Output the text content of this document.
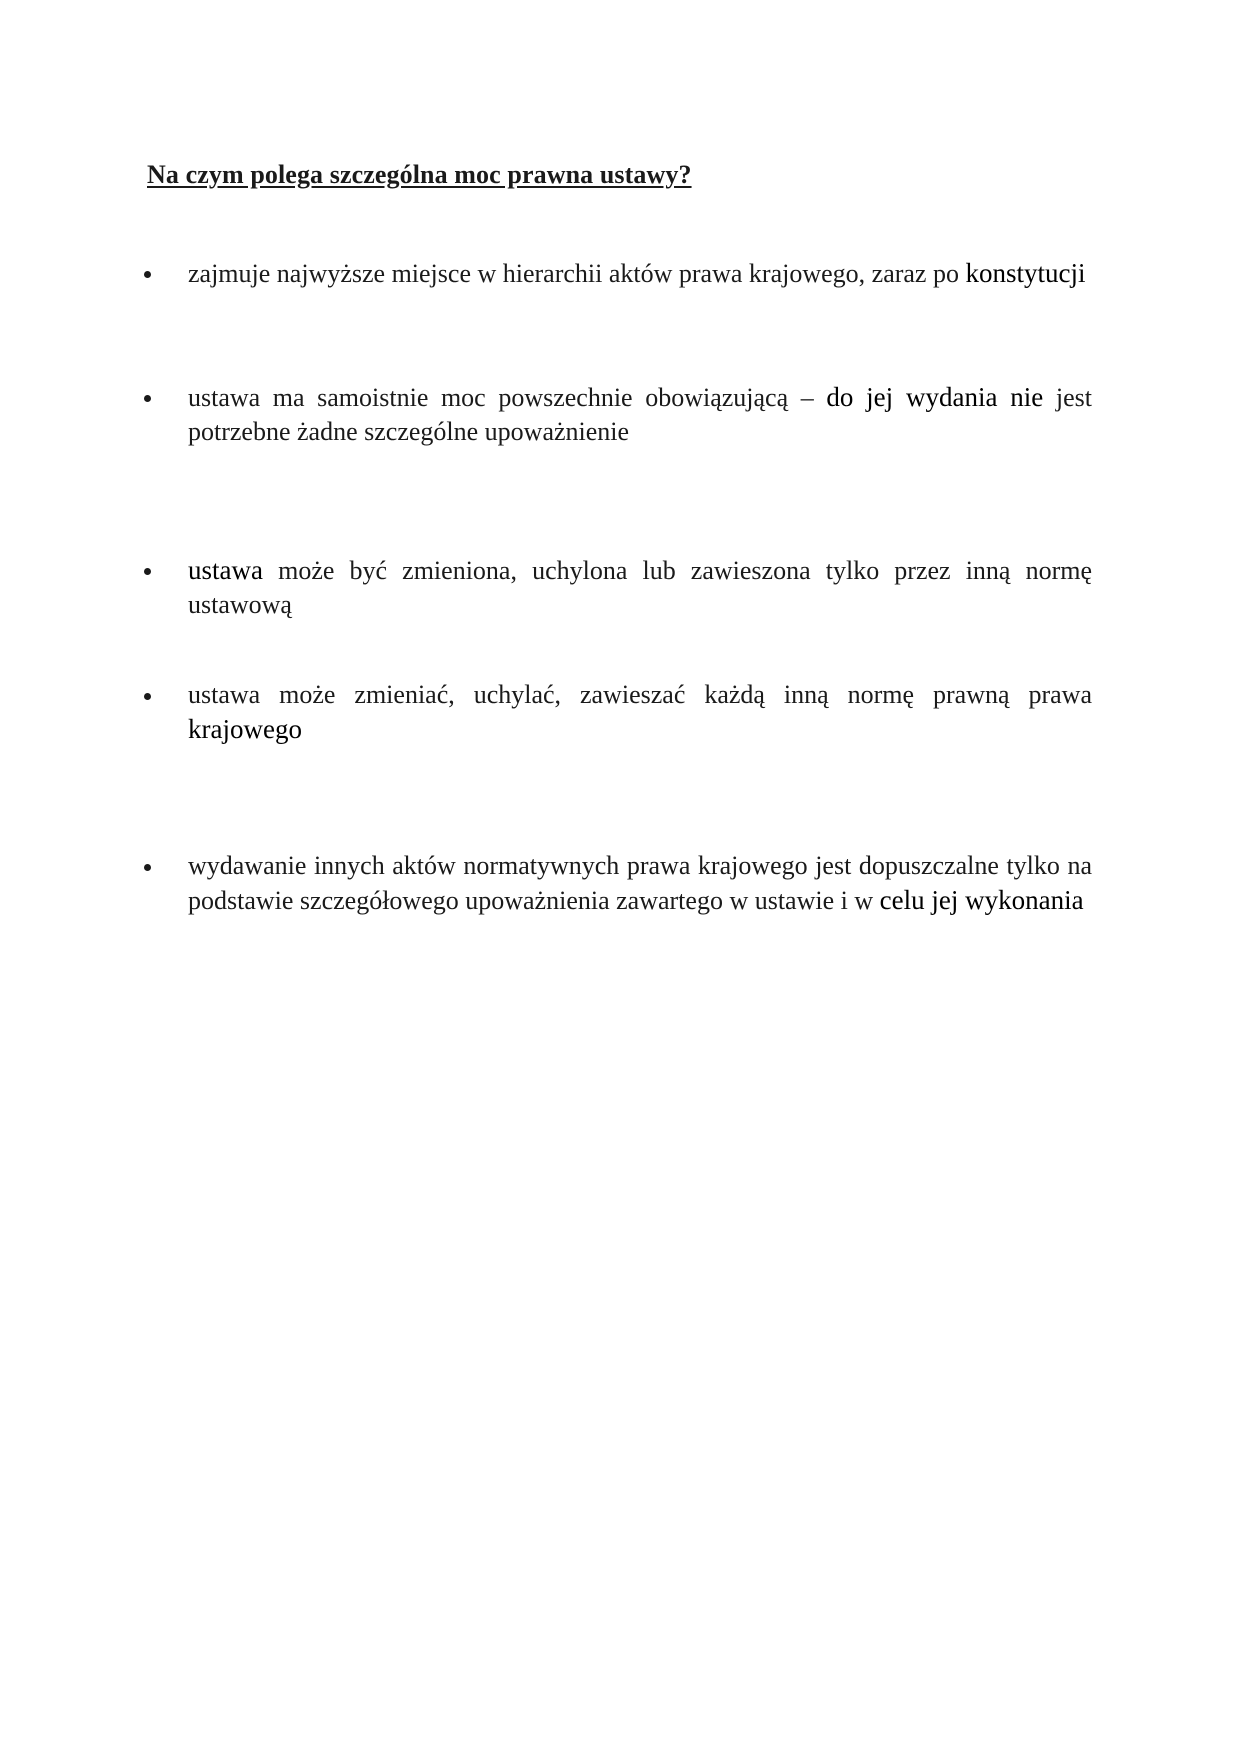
Na czym polega szczególna moc prawna ustawy?
zajmuje najwyższe miejsce w hierarchii aktów prawa krajowego, zaraz po konstytucji
ustawa ma samoistnie moc powszechnie obowiązującą – do jej wydania nie jest potrzebne żadne szczególne upoważnienie
ustawa może być zmieniona, uchylona lub zawieszona tylko przez inną normę ustawową
ustawa może zmieniać, uchylać, zawieszać każdą inną normę prawną prawa krajowego
wydawanie innych aktów normatywnych prawa krajowego jest dopuszczalne tylko na podstawie szczegółowego upoważnienia zawartego w ustawie i w celu jej wykonania
